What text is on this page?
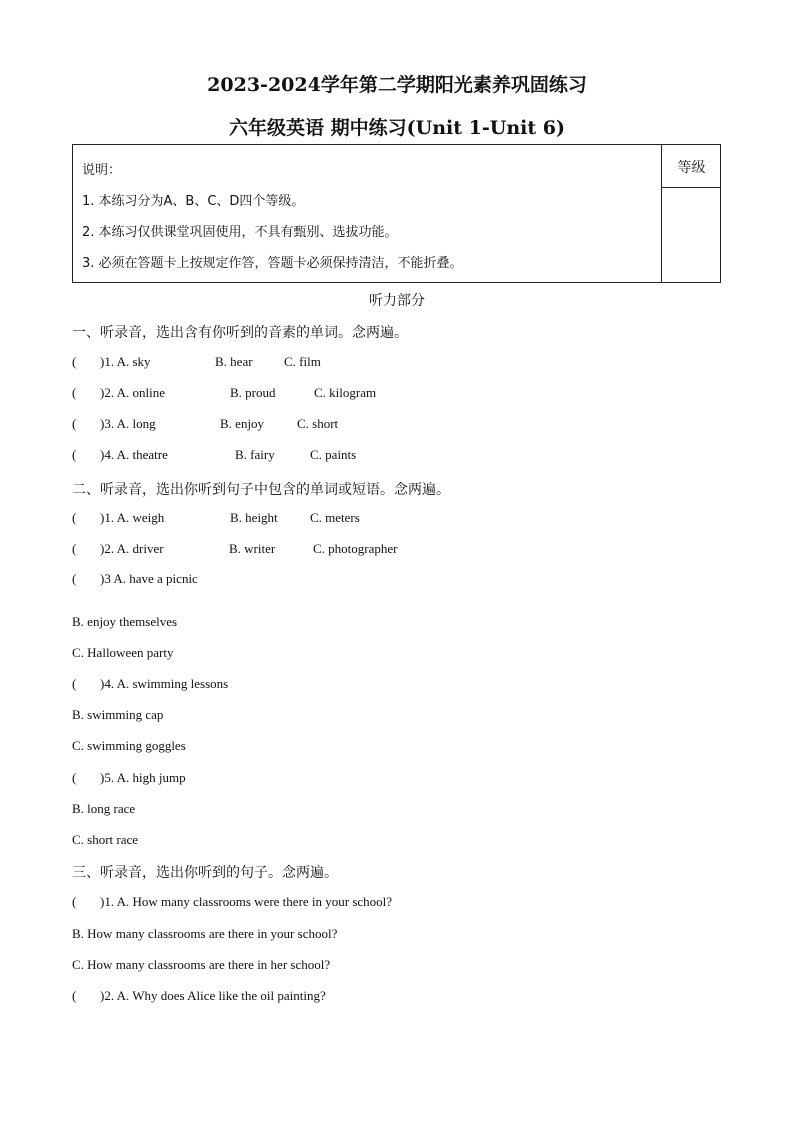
2023-2024学年第二学期阳光素养巩固练习
六年级英语 期中练习(Unit 1-Unit 6)
说明：
1. 本练习分为A、B、C、D四个等级。
2. 本练习仅供课堂巩固使用，不具有甄别、选拔功能。
3. 必须在答题卡上按规定作答，答题卡必须保持清洁，不能折叠。
等级
听力部分
一、听录音，选出含有你听到的音素的单词。念两遍。
( )1. A. sky	B. hear C. film
( )2. A. online	B. proud	C. kilogram
( )3. A. long	B. enjoy	C. short
( )4. A. theatre	B. fairy	C. paints
二、听录音，选出你听到句子中包含的单词或短语。念两遍。
( )1. A. weigh	B. height C. meters
( )2. A. driver	B. writer	C. photographer
( )3 A. have a picnic
B. enjoy themselves
C. Halloween party
( )4. A. swimming lessons
B. swimming cap
C. swimming goggles
( )5. A. high jump
B. long race
C. short race
三、听录音，选出你听到的句子。念两遍。
( )1. A. How many classrooms were there in your school?
B. How many classrooms are there in your school?
C. How many classrooms are there in her school?
( )2. A. Why does Alice like the oil painting?
